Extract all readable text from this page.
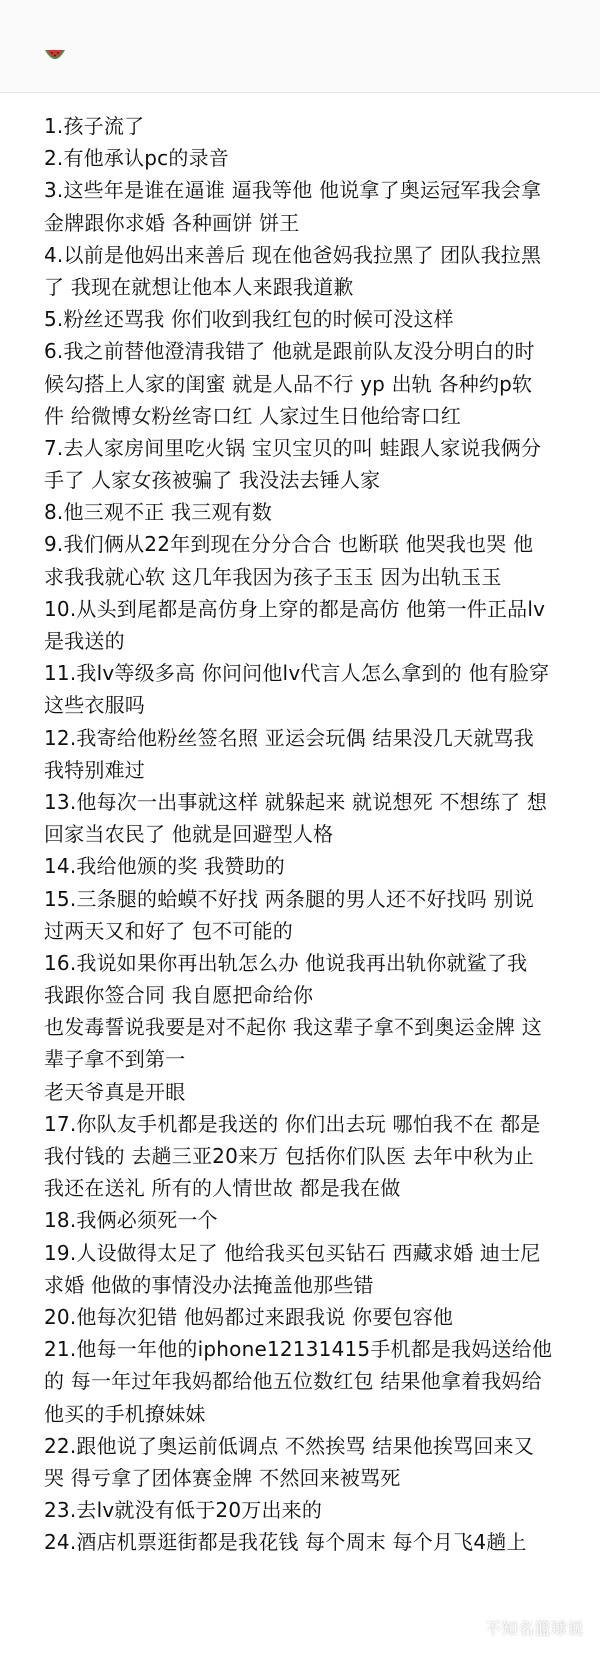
1.孩子流了
2.有他承认pc的录音
3.这些年是谁在逼谁 逼我等他 他说拿了奥运冠军我会拿
金牌跟你求婚 各种画饼 饼王
4.以前是他妈出来善后 现在他爸妈我拉黑了 团队我拉黑
了 我现在就想让他本人来跟我道歉
5.粉丝还骂我 你们收到我红包的时候可没这样
6.我之前替他澄清我错了 他就是跟前队友没分明白的时
候勾搭上人家的闺蜜 就是人品不行 yp 出轨 各种约p软
件 给微博女粉丝寄口红 人家过生日他给寄口红
7.去人家房间里吃火锅 宝贝宝贝的叫 蛙跟人家说我俩分
手了 人家女孩被骗了 我没法去锤人家
8.他三观不正 我三观有数
9.我们俩从22年到现在分分合合 也断联 他哭我也哭 他
求我我就心软 这几年我因为孩子玉玉 因为出轨玉玉
10.从头到尾都是高仿身上穿的都是高仿 他第一件正品lv
是我送的
11.我lv等级多高 你问问他lv代言人怎么拿到的 他有脸穿
这些衣服吗
12.我寄给他粉丝签名照 亚运会玩偶 结果没几天就骂我
我特别难过
13.他每次一出事就这样 就躲起来 就说想死 不想练了 想
回家当农民了 他就是回避型人格
14.我给他颁的奖 我赞助的
15.三条腿的蛤蟆不好找 两条腿的男人还不好找吗 别说
过两天又和好了 包不可能的
16.我说如果你再出轨怎么办 他说我再出轨你就鲨了我
我跟你签合同 我自愿把命给你
也发毒誓说我要是对不起你 我这辈子拿不到奥运金牌 这
辈子拿不到第一
老天爷真是开眼
17.你队友手机都是我送的 你们出去玩 哪怕我不在 都是
我付钱的 去趟三亚20来万 包括你们队医 去年中秋为止
我还在送礼 所有的人情世故 都是我在做
18.我俩必须死一个
19.人设做得太足了 他给我买包买钻石 西藏求婚 迪士尼
求婚 他做的事情没办法掩盖他那些错
20.他每次犯错 他妈都过来跟我说 你要包容他
21.他每一年他的iphone12131415手机都是我妈送给他
的 每一年过年我妈都给他五位数红包 结果他拿着我妈给
他买的手机撩妹妹
22.跟他说了奥运前低调点 不然挨骂 结果他挨骂回来又
哭 得亏拿了团体赛金牌 不然回来被骂死
23.去lv就没有低于20万出来的
24.酒店机票逛街都是我花钱 每个周末 每个月飞4趟上
不知名篮球说
